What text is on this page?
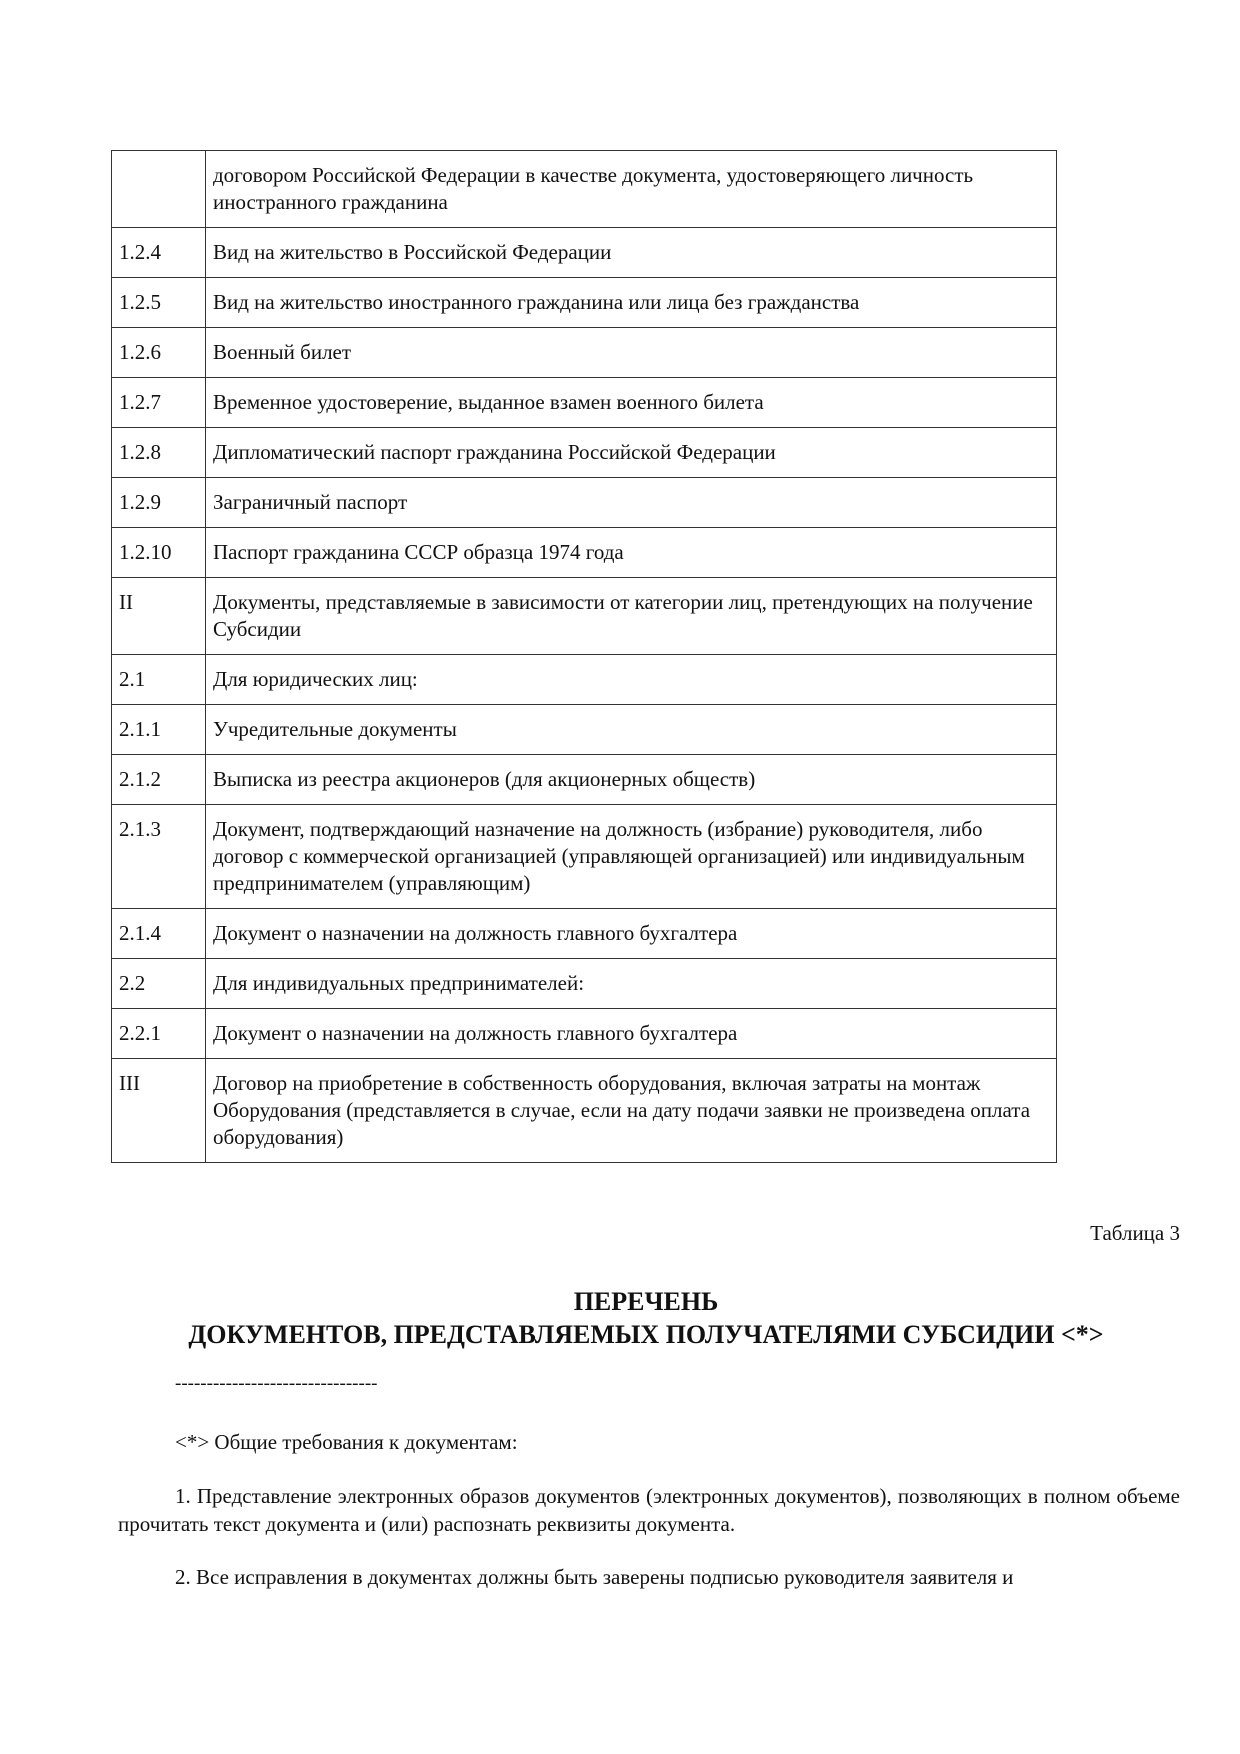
	договором Российской Федерации в качестве документа, удостоверяющего личность иностранного гражданина
1.2.4	Вид на жительство в Российской Федерации
1.2.5	Вид на жительство иностранного гражданина или лица без гражданства
1.2.6	Военный билет
1.2.7	Временное удостоверение, выданное взамен военного билета
1.2.8	Дипломатический паспорт гражданина Российской Федерации
1.2.9	Заграничный паспорт
1.2.10	Паспорт гражданина СССР образца 1974 года
II	Документы, представляемые в зависимости от категории лиц, претендующих на получение Субсидии
2.1	Для юридических лиц:
2.1.1	Учредительные документы
2.1.2	Выписка из реестра акционеров (для акционерных обществ)
2.1.3	Документ, подтверждающий назначение на должность (избрание) руководителя, либо договор с коммерческой организацией (управляющей организацией) или индивидуальным предпринимателем (управляющим)
2.1.4	Документ о назначении на должность главного бухгалтера
2.2	Для индивидуальных предпринимателей:
2.2.1	Документ о назначении на должность главного бухгалтера
III	Договор на приобретение в собственность оборудования, включая затраты на монтаж Оборудования (представляется в случае, если на дату подачи заявки не произведена оплата оборудования)
Таблица 3
ПЕРЕЧЕНЬ
ДОКУМЕНТОВ, ПРЕДСТАВЛЯЕМЫХ ПОЛУЧАТЕЛЯМИ СУБСИДИИ <*>
--------------------------------
<*> Общие требования к документам:
1. Представление электронных образов документов (электронных документов), позволяющих в полном объеме прочитать текст документа и (или) распознать реквизиты документа.
2. Все исправления в документах должны быть заверены подписью руководителя заявителя и
